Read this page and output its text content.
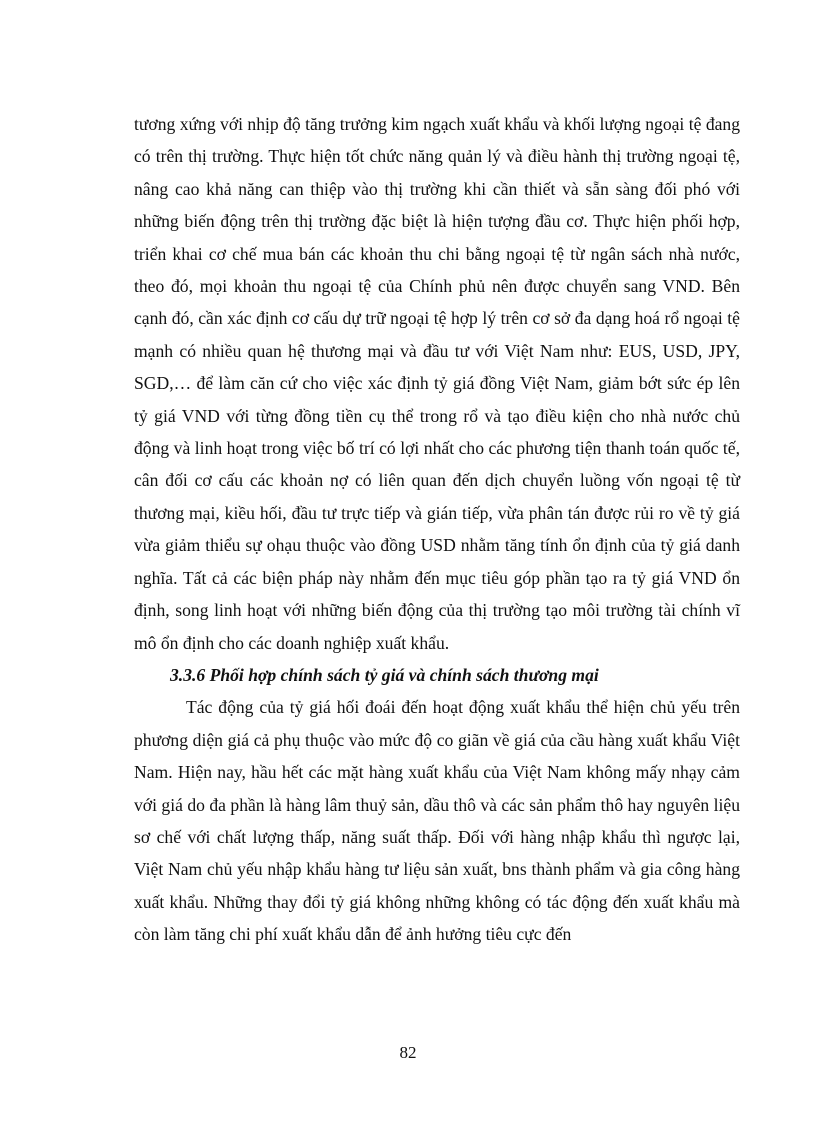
tương xứng với nhịp độ tăng trưởng kim ngạch xuất khẩu và khối lượng ngoại tệ đang có trên thị trường. Thực hiện tốt chức năng quản lý và điều hành thị trường ngoại tệ, nâng cao khả năng can thiệp vào thị trường khi cần thiết và sẵn sàng đối phó với những biến động trên thị trường đặc biệt là hiện tượng đầu cơ. Thực hiện phối hợp, triển khai cơ chế mua bán các khoản thu chi bằng ngoại tệ từ ngân sách nhà nước, theo đó, mọi khoản thu ngoại tệ của Chính phủ nên được chuyển sang VND. Bên cạnh đó, cần xác định cơ cấu dự trữ ngoại tệ hợp lý trên cơ sở đa dạng hoá rổ ngoại tệ mạnh có nhiều quan hệ thương mại và đầu tư với Việt Nam như: EUS, USD, JPY, SGD,… để làm căn cứ cho việc xác định tỷ giá đồng Việt Nam, giảm bớt sức ép lên tỷ giá VND với từng đồng tiền cụ thể trong rổ và tạo điều kiện cho nhà nước chủ động và linh hoạt trong việc bố trí có lợi nhất cho các phương tiện thanh toán quốc tế, cân đối cơ cấu các khoản nợ có liên quan đến dịch chuyển luồng vốn ngoại tệ từ thương mại, kiều hối, đầu tư trực tiếp và gián tiếp, vừa phân tán được rủi ro về tỷ giá vừa giảm thiểu sự ohạu thuộc vào đồng USD nhằm tăng tính ổn định của tỷ giá danh nghĩa. Tất cả các biện pháp này nhằm đến mục tiêu góp phần tạo ra tỷ giá VND ổn định, song linh hoạt với những biến động của thị trường tạo môi trường tài chính vĩ mô ổn định cho các doanh nghiệp xuất khẩu.

3.3.6 Phối hợp chính sách tỷ giá và chính sách thương mại

Tác động của tỷ giá hối đoái đến hoạt động xuất khẩu thể hiện chủ yếu trên phương diện giá cả phụ thuộc vào mức độ co giãn về giá của cầu hàng xuất khẩu Việt Nam. Hiện nay, hầu hết các mặt hàng xuất khẩu của Việt Nam không mấy nhạy cảm với giá do đa phần là hàng lâm thuỷ sản, dầu thô và các sản phẩm thô hay nguyên liệu sơ chế với chất lượng thấp, năng suất thấp. Đối với hàng nhập khẩu thì ngược lại, Việt Nam chủ yếu nhập khẩu hàng tư liệu sản xuất, bns thành phẩm và gia công hàng xuất khẩu. Những thay đổi tỷ giá không những không có tác động đến xuất khẩu mà còn làm tăng chi phí xuất khẩu dẫn để ảnh hưởng tiêu cực đến

82
